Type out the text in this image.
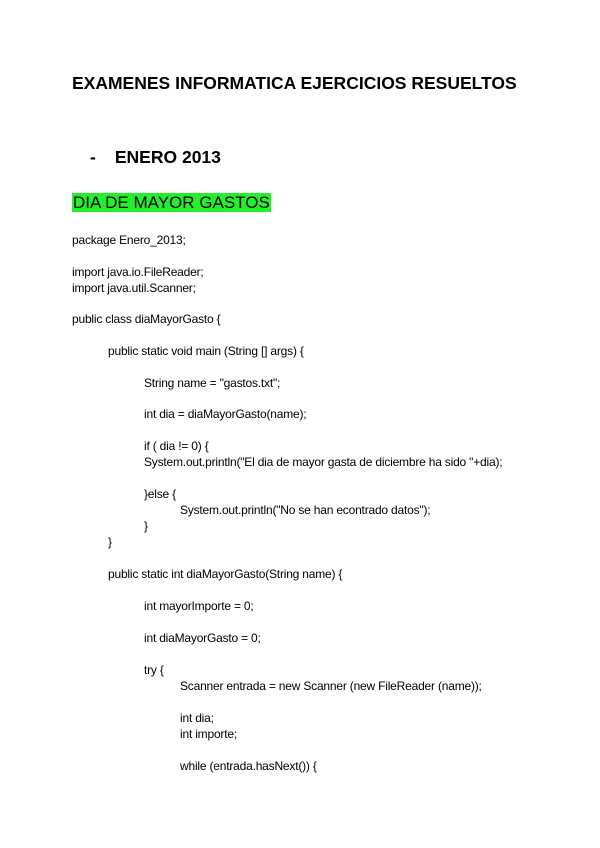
EXAMENES INFORMATICA EJERCICIOS RESUELTOS
- ENERO 2013
DIA DE MAYOR GASTOS
package Enero_2013;
import java.io.FileReader;
import java.util.Scanner;
public class diaMayorGasto {
public static void main (String [] args) {
String name = "gastos.txt";
int dia = diaMayorGasto(name);
if ( dia != 0) {
System.out.println("El dia de mayor gasta de diciembre ha sido "+dia);
}else {
System.out.println("No se han econtrado datos");
}
}
public static int diaMayorGasto(String name) {
int mayorImporte = 0;
int diaMayorGasto = 0;
try {
Scanner entrada = new Scanner (new FileReader (name));
int dia;
int importe;
while (entrada.hasNext()) {
